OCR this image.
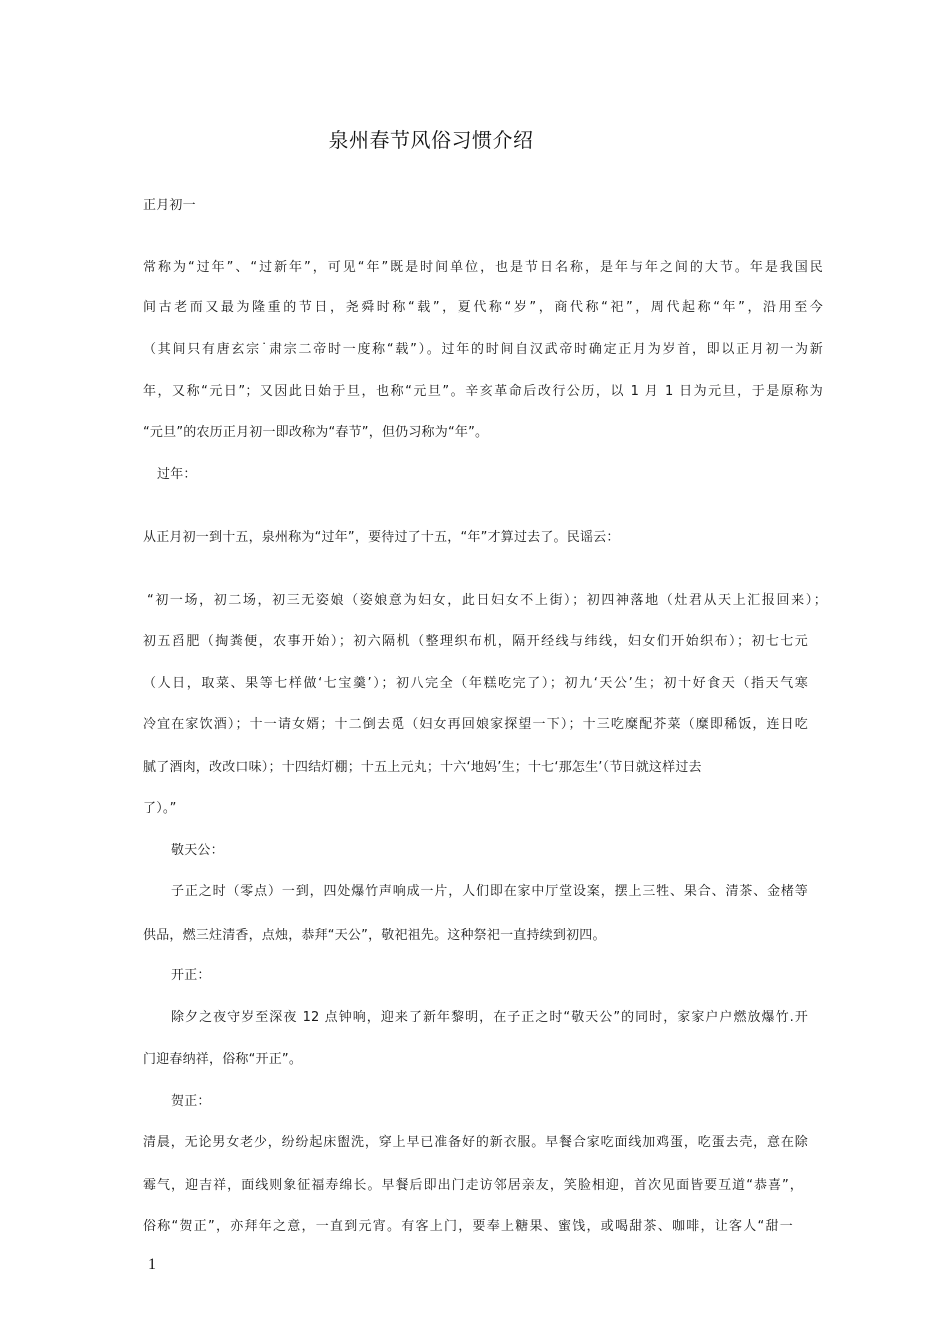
泉州春节风俗习惯介绍
正月初一
常称为“过年”、“过新年”，可见“年”既是时间单位，也是节日名称，是年与年之间的大节。年是我国民
间古老而又最为隆重的节日，尧舜时称“载”，夏代称“岁”，商代称“祀”，周代起称“年”，沿用至今
（其间只有唐玄宗˙肃宗二帝时一度称“载”）。过年的时间自汉武帝时确定正月为岁首，即以正月初一为新
年，又称“元日”；又因此日始于旦，也称“元旦”。辛亥革命后改行公历，以 1 月 1 日为元旦，于是原称为
“元旦”的农历正月初一即改称为“春节”，但仍习称为“年”。
过年：
从正月初一到十五，泉州称为“过年”，要待过了十五，“年”才算过去了。民谣云：
“初一场，初二场，初三无姿娘（姿娘意为妇女，此日妇女不上街）；初四神落地（灶君从天上汇报回来）；
初五舀肥（掏粪便，农事开始）；初六隔机（整理织布机，隔开经线与纬线，妇女们开始织布）；初七七元
（人日，取菜、果等七样做‘七宝羹’）；初八完全（年糕吃完了）；初九‘天公’生；初十好食天（指天气寒
冷宜在家饮酒）；十一请女婿；十二倒去觅（妇女再回娘家探望一下）；十三吃糜配芥菜（糜即稀饭，连日吃
腻了酒肉，改改口味）；十四结灯棚；十五上元丸；十六‘地妈’生；十七‘那怎生’（节日就这样过去
了）。”
敬天公：
子正之时（零点）一到，四处爆竹声响成一片，人们即在家中厅堂设案，摆上三牲、果合、清茶、金楮等
供品，燃三炷清香，点烛，恭拜“天公”，敬祀祖先。这种祭祀一直持续到初四。
开正：
除夕之夜守岁至深夜 12 点钟响，迎来了新年黎明，在子正之时“敬天公”的同时，家家户户燃放爆竹.开
门迎春纳祥，俗称“开正”。
贺正：
清晨，无论男女老少，纷纷起床盥洗，穿上早已准备好的新衣服。早餐合家吃面线加鸡蛋，吃蛋去壳，意在除
霉气，迎吉祥，面线则象征福寿绵长。早餐后即出门走访邻居亲友，笑脸相迎，首次见面皆要互道“恭喜”，
俗称“贺正”，亦拜年之意，一直到元宵。有客上门，要奉上糖果、蜜饯，或喝甜茶、咖啡，让客人“甜一
1
